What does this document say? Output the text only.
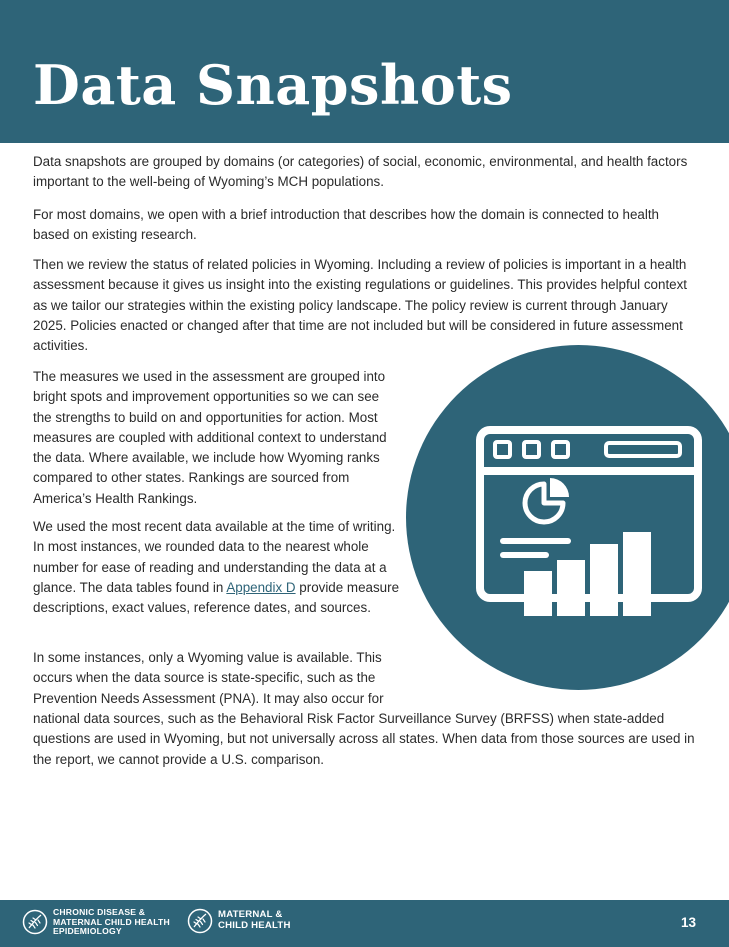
Data Snapshots

Data snapshots are grouped by domains (or categories) of social, economic, environmental, and health factors important to the well-being of Wyoming’s MCH populations.

For most domains, we open with a brief introduction that describes how the domain is connected to health based on existing research.

Then we review the status of related policies in Wyoming. Including a review of policies is important in a health assessment because it gives us insight into the existing regulations or guidelines. This provides helpful context as we tailor our strategies within the existing policy landscape. The policy review is current through January 2025. Policies enacted or changed after that time are not included but will be considered in future assessment activities.

The measures we used in the assessment are grouped into bright spots and improvement opportunities so we can see the strengths to build on and opportunities for action. Most measures are coupled with additional context to understand the data. Where available, we include how Wyoming ranks compared to other states. Rankings are sourced from America’s Health Rankings.

We used the most recent data available at the time of writing. In most instances, we rounded data to the nearest whole number for ease of reading and understanding the data at a glance. The data tables found in Appendix D provide measure descriptions, exact values, reference dates, and sources.

In some instances, only a Wyoming value is available. This occurs when the data source is state-specific, such as the Prevention Needs Assessment (PNA). It may also occur for

national data sources, such as the Behavioral Risk Factor Surveillance Survey (BRFSS) when state-added questions are used in Wyoming, but not universally across all states. When data from those sources are used in the report, we cannot provide a U.S. comparison.

CHRONIC DISEASE &
MATERNAL CHILD HEALTH
EPIDEMIOLOGY
MATERNAL &
CHILD HEALTH	13
